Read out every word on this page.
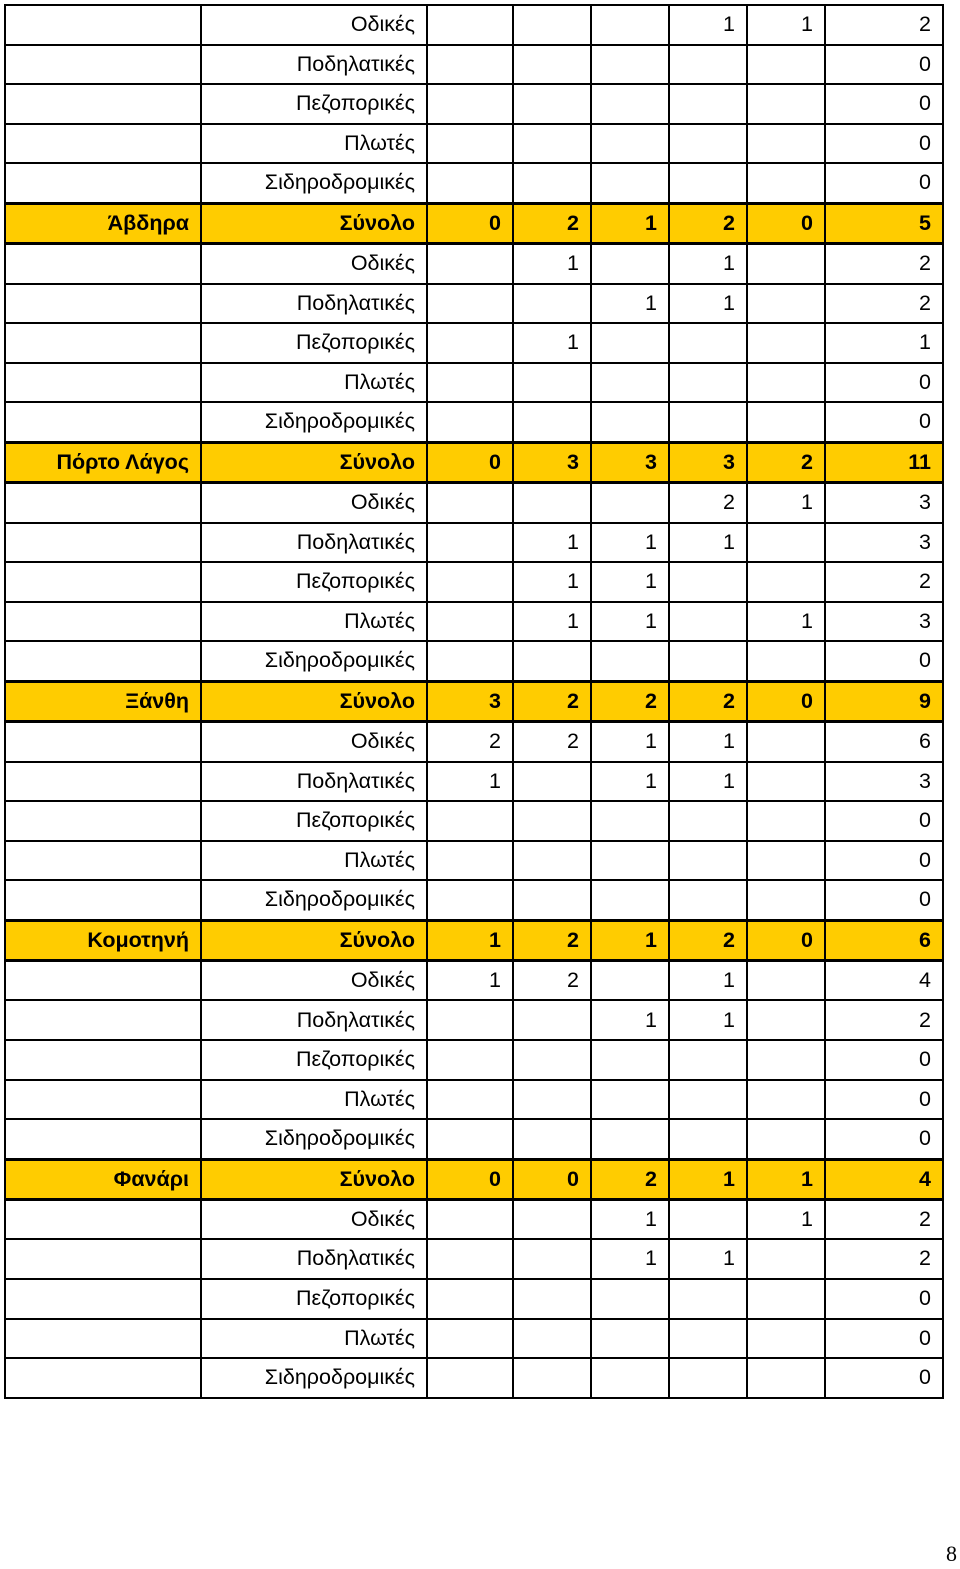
	Οδικές				1	1	2
	Ποδηλατικές						0
	Πεζοπορικές						0
	Πλωτές						0
	Σιδηροδρομικές						0
Άβδηρα	Σύνολο	0	2	1	2	0	5
	Οδικές		1		1		2
	Ποδηλατικές			1	1		2
	Πεζοπορικές		1				1
	Πλωτές						0
	Σιδηροδρομικές						0
Πόρτο Λάγος	Σύνολο	0	3	3	3	2	11
	Οδικές				2	1	3
	Ποδηλατικές		1	1	1		3
	Πεζοπορικές		1	1			2
	Πλωτές		1	1		1	3
	Σιδηροδρομικές						0
Ξάνθη	Σύνολο	3	2	2	2	0	9
	Οδικές	2	2	1	1		6
	Ποδηλατικές	1		1	1		3
	Πεζοπορικές						0
	Πλωτές						0
	Σιδηροδρομικές						0
Κομοτηνή	Σύνολο	1	2	1	2	0	6
	Οδικές	1	2		1		4
	Ποδηλατικές			1	1		2
	Πεζοπορικές						0
	Πλωτές						0
	Σιδηροδρομικές						0
Φανάρι	Σύνολο	0	0	2	1	1	4
	Οδικές			1		1	2
	Ποδηλατικές			1	1		2
	Πεζοπορικές						0
	Πλωτές						0
	Σιδηροδρομικές						0
8
